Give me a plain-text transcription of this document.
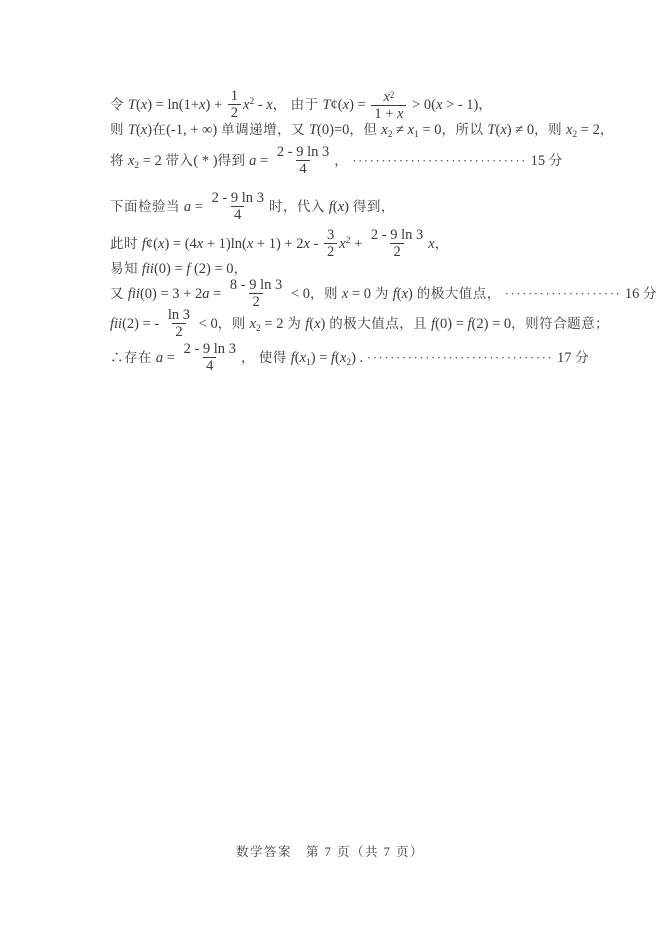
令 $T(x) = \ln(1+x) + \frac{1}{2} x^2 - x$， 由于 T¢(x) = $\frac{x^2}{1 + x} > 0(x$ > - 1)，
则 T(x)在(-1, + ∞) 单调递增，又 T(0)=0，但 $x_2 \ne x_1 = 0$，所以 T(x) ≠ 0，则 $x_2 = 2$，
将 $x_2 = 2$ 带入( * )得到 $a = \frac{2 - 9 \ln 3}{4}$ ， ······························ 15 分
下面检验当 $a = \frac{2 - 9 \ln 3}{4}$ 时，代入 f(x) 得到，
此时 f¢(x) = $(4x + 1)\ln(x + 1) + 2x - \frac{3}{2} x^2 + \frac{2 - 9 \ln 3}{2}$ x，
易知 fii(0) = f (2) = 0，
又 $fii(0) = 3 + 2a = \frac{8 - 9 \ln 3}{2} < 0$，则 x = 0 为 f(x) 的极大值点， ···················· 16 分
fii(2) = - $\frac{\ln 3}{2} < 0$，则 $x_2 = 2$ 为 f(x) 的极大值点，且 f(0) = f(2) = 0，则符合题意；
∴存在 $a = \frac{2 - 9 \ln 3}{4}$ ， 使得 $f(x_1) = f(x_2)$ . ································ 17 分
数学答案　第 7 页（共 7 页）
